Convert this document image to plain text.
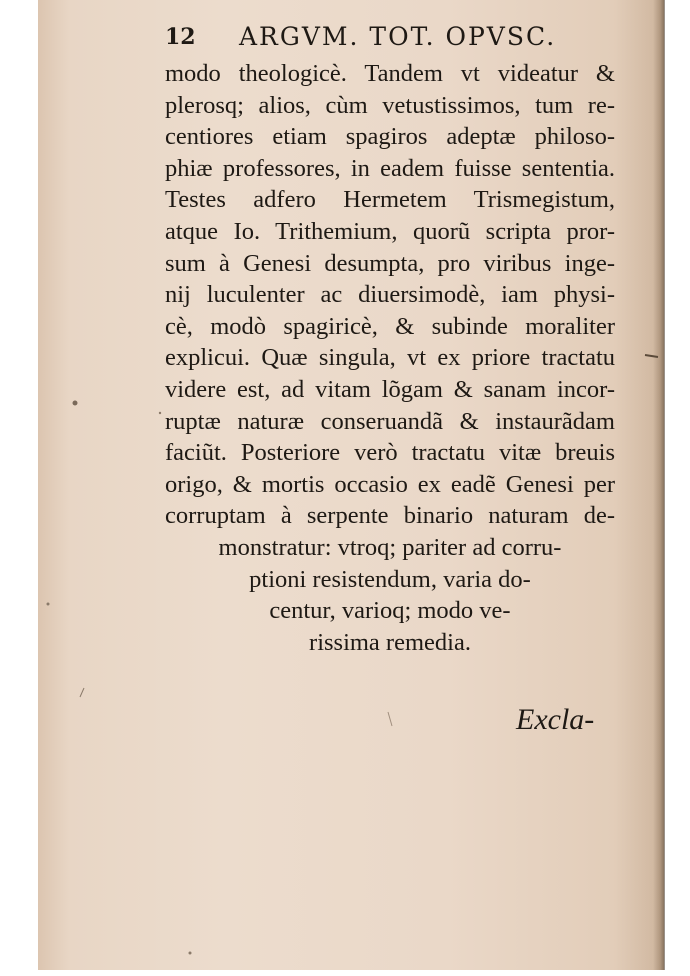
12 ARGVM. TOT. OPVSC.
modo theologicè. Tandem vt videatur &
plerosq; alios, cùm vetustissimos, tum re-
centiores etiam spagiros adeptæ philoso-
phiæ professores, in eadem fuisse sententia.
Testes adfero Hermetem Trismegistum,
atque Io. Trithemium, quorũ scripta pror-
sum à Genesi desumpta, pro viribus inge-
nij luculenter ac diuersimodè, iam physi-
cè, modò spagiricè, & subinde moraliter
explicui. Quæ singula, vt ex priore tractatu
videre est, ad vitam lõgam & sanam incor-
ruptæ naturæ conseruandã & instaurãdam
faciũt. Posteriore verò tractatu vitæ breuis
origo, & mortis occasio ex eadẽ Genesi per
corruptam à serpente binario naturam de-
monstratur: vtroq; pariter ad corru-
ptioni resistendum, varia do-
centur, varioq; modo ve-
rissima remedia.
Excla-
